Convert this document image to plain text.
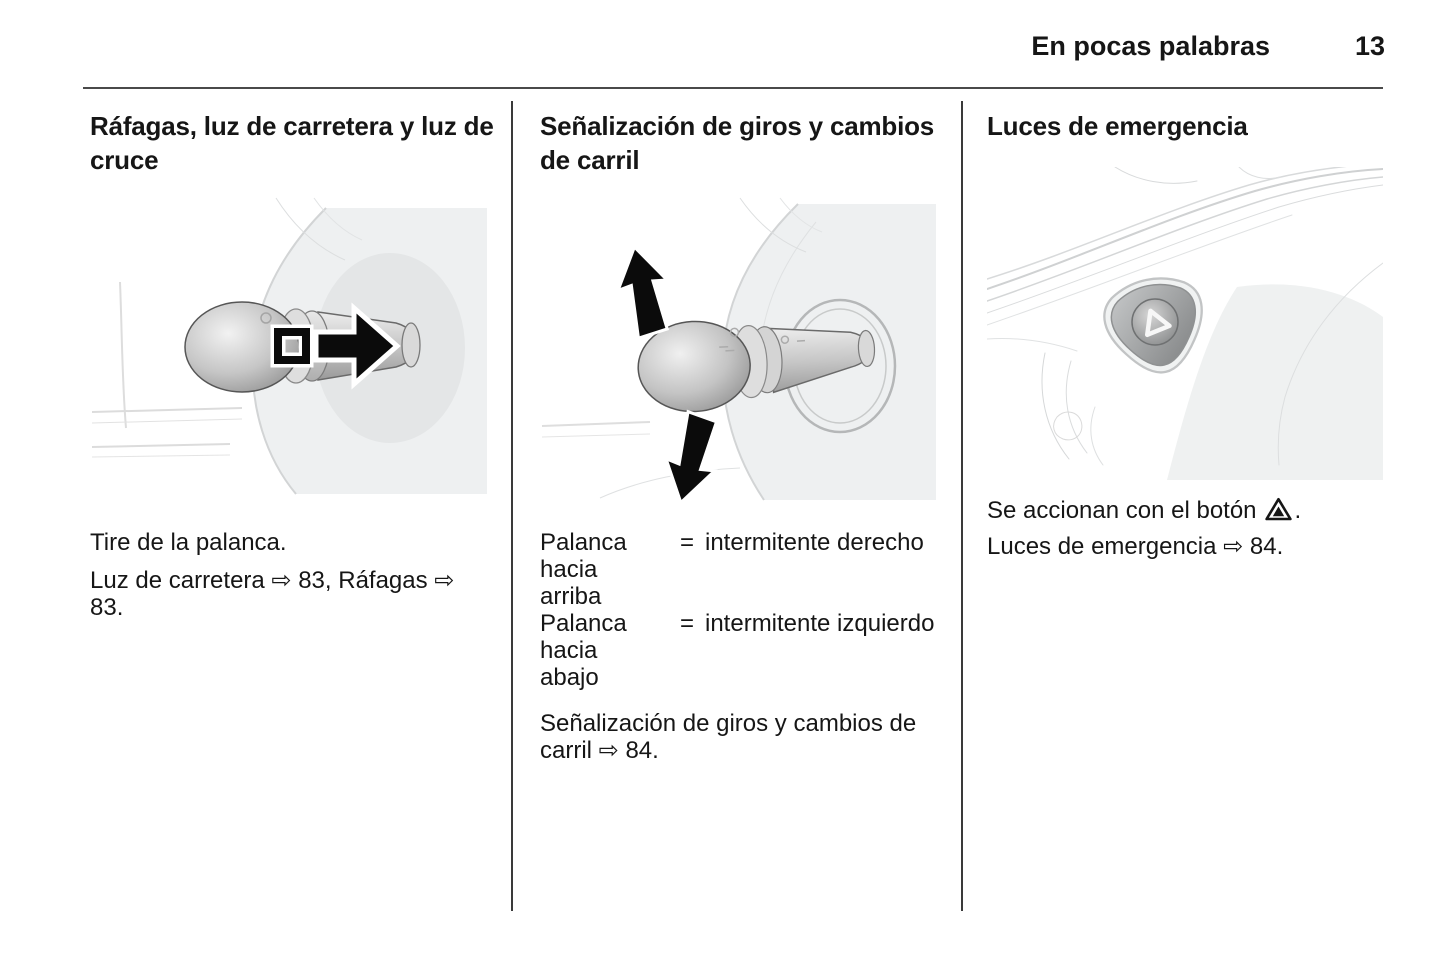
En pocas palabras	13
Ráfagas, luz de carretera y luz de cruce

Tire de la palanca.

Luz de carretera ⇨ 83, Ráfagas ⇨ 83.

Señalización de giros y cambios de carril
Palanca hacia arriba
= intermitente derecho
Palanca hacia abajo
= intermitente izquierdo

Señalización de giros y cambios de carril ⇨ 84.

Luces de emergencia

Se accionan con el botón .

Luces de emergencia ⇨ 84.
